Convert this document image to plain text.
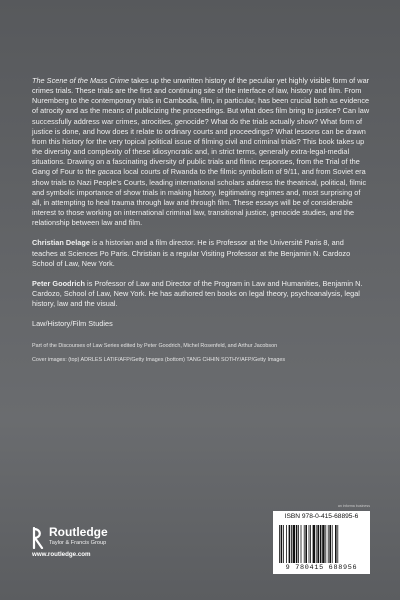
The Scene of the Mass Crime takes up the unwritten history of the peculiar yet highly visible form of war crimes trials. These trials are the first and continuing site of the interface of law, history and film. From Nuremberg to the contemporary trials in Cambodia, film, in particular, has been crucial both as evidence of atrocity and as the means of publicizing the proceedings. But what does film bring to justice? Can law successfully address war crimes, atrocities, genocide? What do the trials actually show? What form of justice is done, and how does it relate to ordinary courts and proceedings? What lessons can be drawn from this history for the very topical political issue of filming civil and criminal trials? This book takes up the diversity and complexity of these idiosyncratic and, in strict terms, generally extra-legal-medial situations. Drawing on a fascinating diversity of public trials and filmic responses, from the Trial of the Gang of Four to the gacaca local courts of Rwanda to the filmic symbolism of 9/11, and from Soviet era show trials to Nazi People's Courts, leading international scholars address the theatrical, political, filmic and symbolic importance of show trials in making history, legitimating regimes and, most surprising of all, in attempting to heal trauma through law and through film. These essays will be of considerable interest to those working on international criminal law, transitional justice, genocide studies, and the relationship between law and film.

Christian Delage is a historian and a film director. He is Professor at the Université Paris 8, and teaches at Sciences Po Paris. Christian is a regular Visiting Professor at the Benjamin N. Cardozo School of Law, New York.

Peter Goodrich is Professor of Law and Director of the Program in Law and Humanities, Benjamin N. Cardozo, School of Law, New York. He has authored ten books on legal theory, psychoanalysis, legal history, law and the visual.

Law/History/Film Studies

Part of the Discourses of Law Series edited by Peter Goodrich, Michel Rosenfeld, and Arthur Jacobson

Cover images: (top) ADRLES LATIF/AFP/Getty Images (bottom) TANG CHHIN SOTHY/AFP/Getty Images

Routledge
Taylor & Francis Group
www.routledge.com
an informa business
ISBN 978-0-415-68895-6
9 780415 688956
